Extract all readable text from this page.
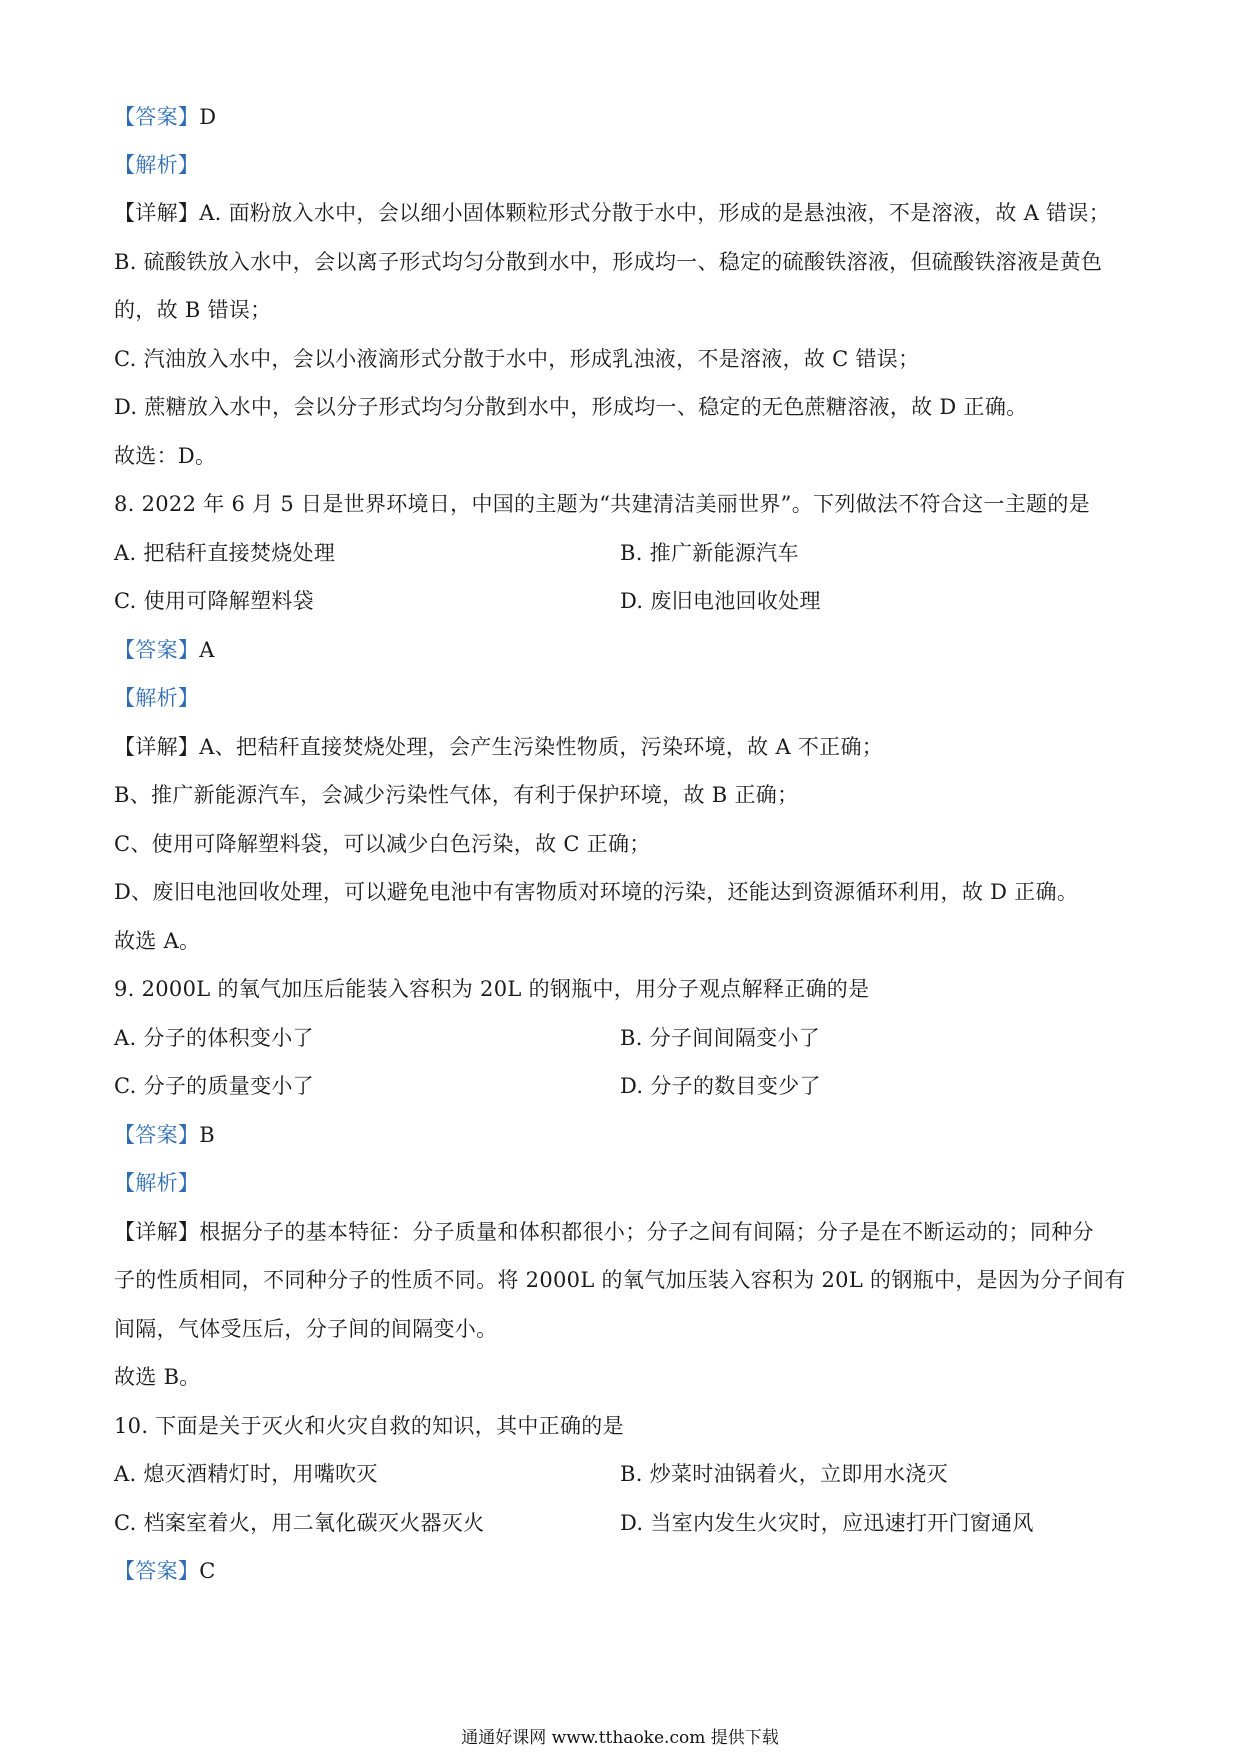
【答案】D
【解析】
【详解】A. 面粉放入水中，会以细小固体颗粒形式分散于水中，形成的是悬浊液，不是溶液，故 A 错误；
B. 硫酸铁放入水中，会以离子形式均匀分散到水中，形成均一、稳定的硫酸铁溶液，但硫酸铁溶液是黄色
的，故 B 错误；
C. 汽油放入水中，会以小液滴形式分散于水中，形成乳浊液，不是溶液，故 C 错误；
D. 蔗糖放入水中，会以分子形式均匀分散到水中，形成均一、稳定的无色蔗糖溶液，故 D 正确。
故选：D。
8. 2022 年 6 月 5 日是世界环境日，中国的主题为“共建清洁美丽世界”。下列做法不符合这一主题的是
A. 把秸秆直接焚烧处理	B. 推广新能源汽车
C. 使用可降解塑料袋	D. 废旧电池回收处理
【答案】A
【解析】
【详解】A、把秸秆直接焚烧处理，会产生污染性物质，污染环境，故 A 不正确；
B、推广新能源汽车，会减少污染性气体，有利于保护环境，故 B 正确；
C、使用可降解塑料袋，可以减少白色污染，故 C 正确；
D、废旧电池回收处理，可以避免电池中有害物质对环境的污染，还能达到资源循环利用，故 D 正确。
故选 A。
9. 2000L 的氧气加压后能装入容积为 20L 的钢瓶中，用分子观点解释正确的是
A. 分子的体积变小了	B. 分子间间隔变小了
C. 分子的质量变小了	D. 分子的数目变少了
【答案】B
【解析】
【详解】根据分子的基本特征：分子质量和体积都很小；分子之间有间隔；分子是在不断运动的；同种分
子的性质相同，不同种分子的性质不同。将 2000L 的氧气加压装入容积为 20L 的钢瓶中，是因为分子间有
间隔，气体受压后，分子间的间隔变小。
故选 B。
10. 下面是关于灭火和火灾自救的知识，其中正确的是
A. 熄灭酒精灯时，用嘴吹灭	B. 炒菜时油锅着火，立即用水浇灭
C. 档案室着火，用二氧化碳灭火器灭火	D. 当室内发生火灾时，应迅速打开门窗通风
【答案】C
通通好课网 www.tthaoke.com 提供下载
